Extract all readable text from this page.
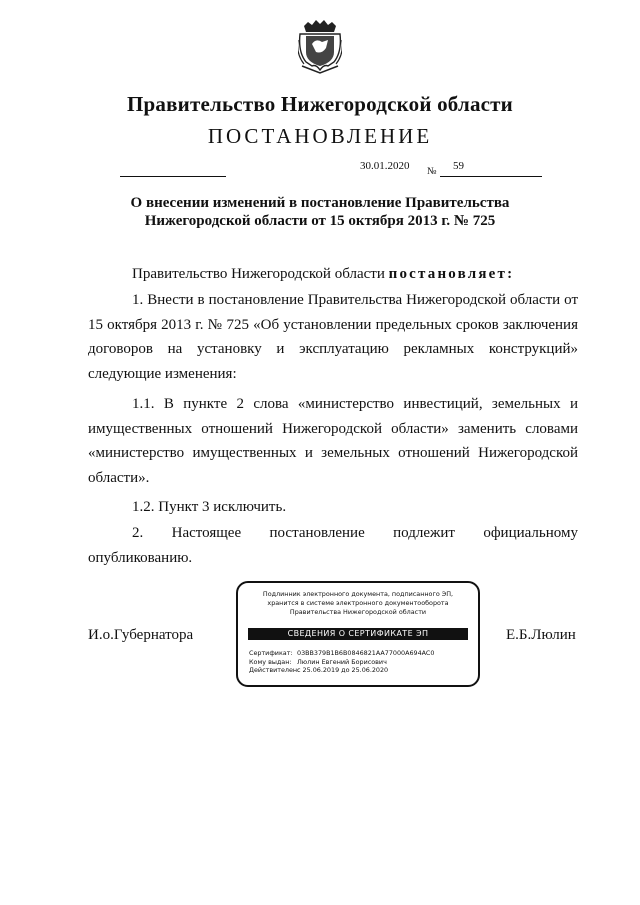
Правительство Нижегородской области
ПОСТАНОВЛЕНИЕ
30.01.2020 № 59
О внесении изменений в постановление Правительства
Нижегородской области от 15 октября 2013 г. № 725
Правительство Нижегородской области постановляет:
1. Внести в постановление Правительства Нижегородской области от 15 октября 2013 г. № 725 «Об установлении предельных сроков заключения договоров на установку и эксплуатацию рекламных конструкций» следующие изменения:
1.1. В пункте 2 слова «министерство инвестиций, земельных и имущественных отношений Нижегородской области» заменить словами «министерство имущественных и земельных отношений Нижегородской области».
1.2. Пункт 3 исключить.
2. Настоящее постановление подлежит официальному опубликованию.
И.о.Губернатора	Е.Б.Люлин
Подлинник электронного документа, подписанного ЭП,
хранится в системе электронного документооборота
Правительства Нижегородской области
СВЕДЕНИЯ О СЕРТИФИКАТЕ ЭП
Сертификат: 03BB379B1B6B0846821AA77000A694AC0
Кому выдан: Люлин Евгений Борисович
Действителен:с 25.06.2019 до 25.06.2020
